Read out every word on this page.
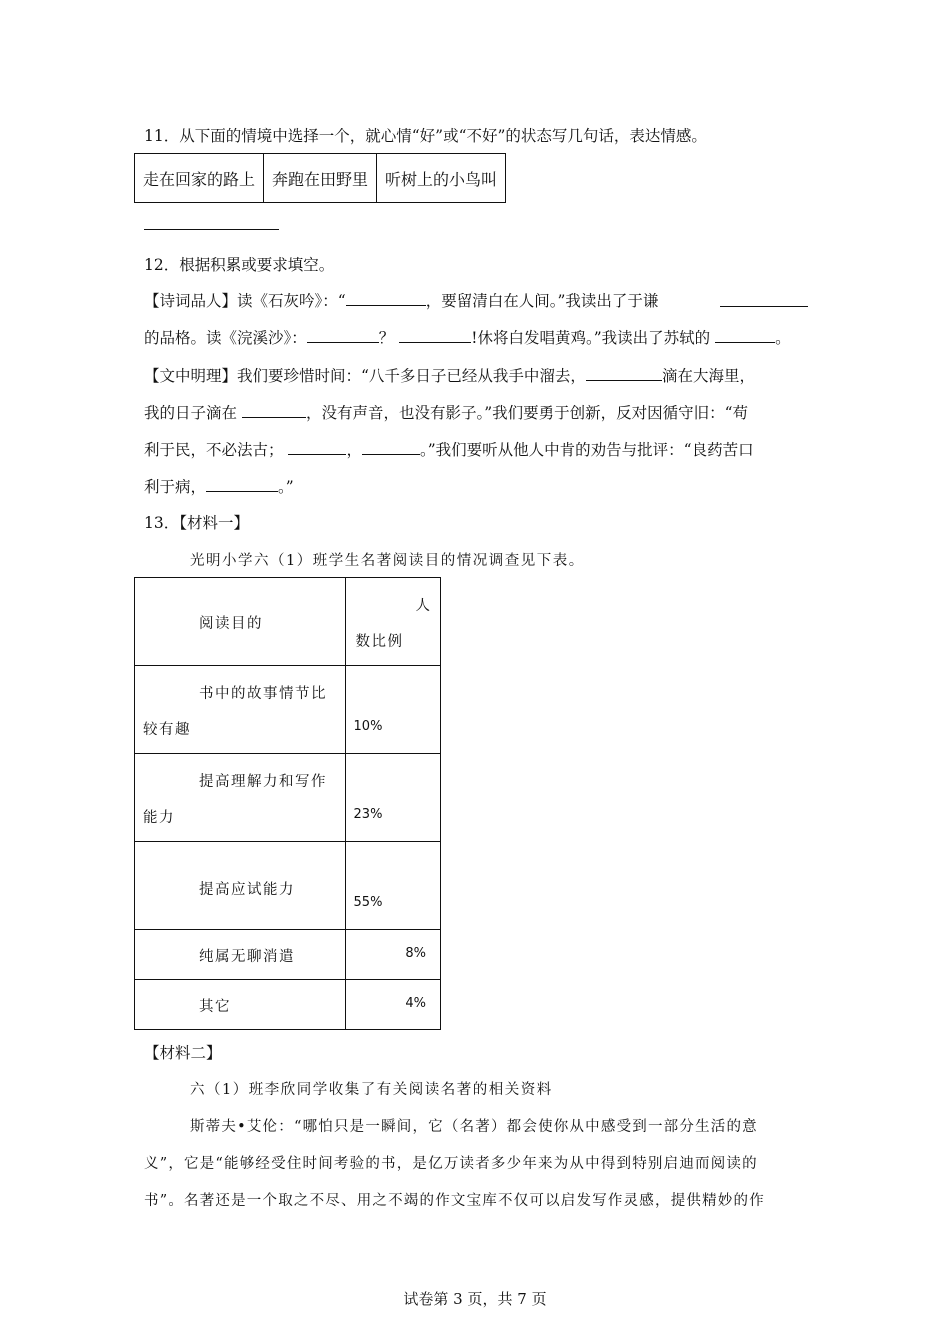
11．从下面的情境中选择一个，就心情“好”或“不好”的状态写几句话，表达情感。
走在回家的路上	奔跑在田野里	听树上的小鸟叫
12．根据积累或要求填空。
【诗词品人】读《石灰吟》：“	，要留清白在人间。”我读出了于谦
的品格。读《浣溪沙》：	？	!休将白发唱黄鸡。”我读出了苏轼的	。
【文中明理】我们要珍惜时间：“八千多日子已经从我手中溜去，	滴在大海里，
我的日子滴在	，没有声音，也没有影子。”我们要勇于创新，反对因循守旧：“苟
利于民，不必法古；	，	。”我们要听从他人中肯的劝告与批评：“良药苦口
利于病，	。”
13．【材料一】
光明小学六（1）班学生名著阅读目的情况调查见下表。
阅读目的	人
数比例

书中的故事情节比
较有趣	10%

提高理解力和写作
能力	23%

提高应试能力	55%

纯属无聊消遣	8%

其它	4%
【材料二】
六（1）班李欣同学收集了有关阅读名著的相关资料
斯蒂夫•艾伦：“哪怕只是一瞬间，它（名著）都会使你从中感受到一部分生活的意
义”，它是“能够经受住时间考验的书，是亿万读者多少年来为从中得到特别启迪而阅读的
书”。名著还是一个取之不尽、用之不竭的作文宝库不仅可以启发写作灵感，提供精妙的作
试卷第 3 页，共 7 页
